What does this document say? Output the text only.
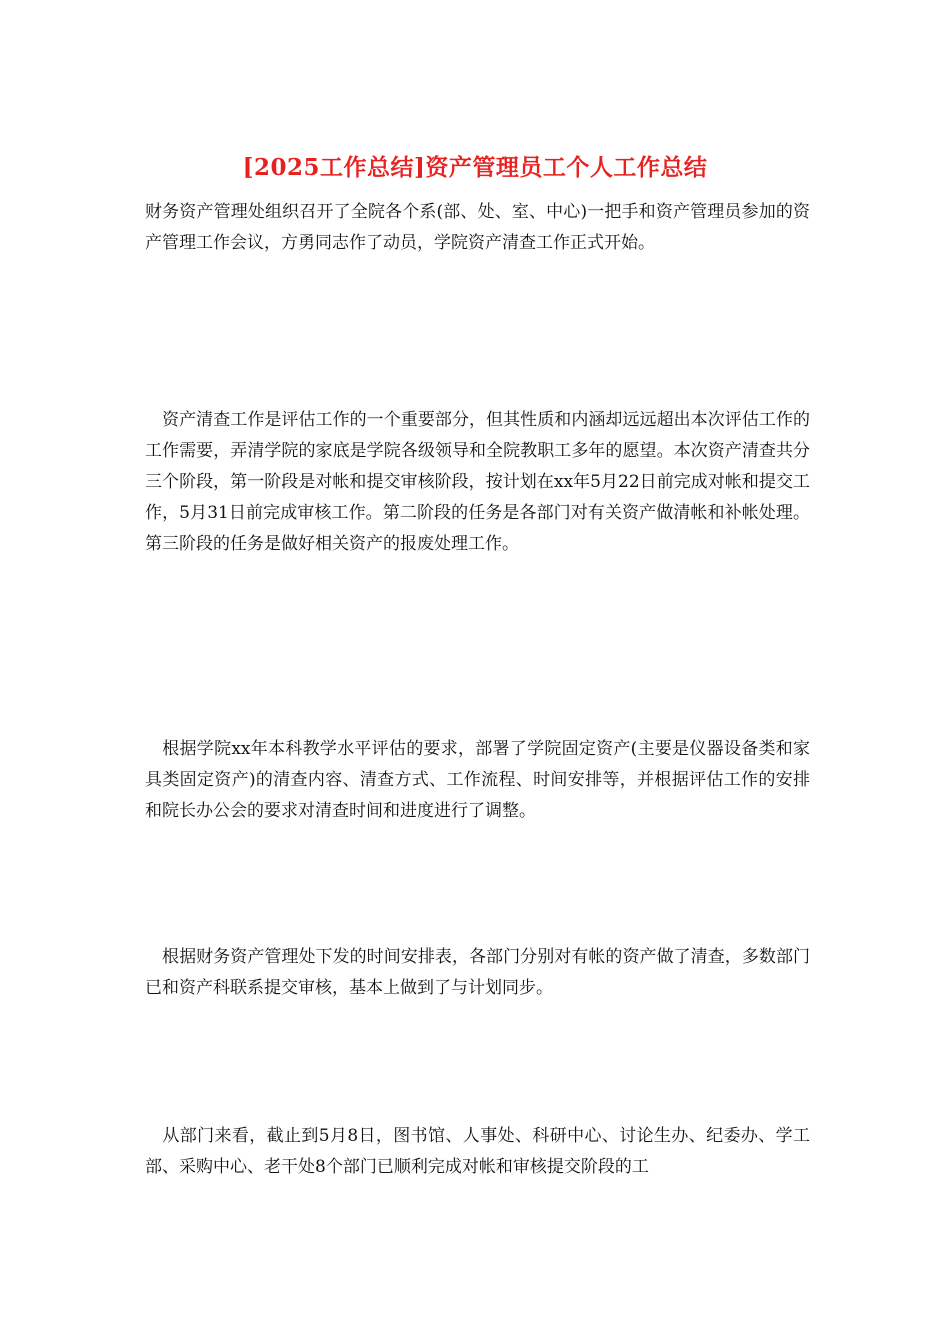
[2025工作总结]资产管理员工个人工作总结

财务资产管理处组织召开了全院各个系(部、处、室、中心)一把手和资产管理员参加的资产管理工作会议，方勇同志作了动员，学院资产清查工作正式开始。

　资产清查工作是评估工作的一个重要部分，但其性质和内涵却远远超出本次评估工作的工作需要，弄清学院的家底是学院各级领导和全院教职工多年的愿望。本次资产清查共分三个阶段，第一阶段是对帐和提交审核阶段，按计划在xx年5月22日前完成对帐和提交工作，5月31日前完成审核工作。第二阶段的任务是各部门对有关资产做清帐和补帐处理。第三阶段的任务是做好相关资产的报废处理工作。

　根据学院xx年本科教学水平评估的要求，部署了学院固定资产(主要是仪器设备类和家具类固定资产)的清查内容、清查方式、工作流程、时间安排等，并根据评估工作的安排和院长办公会的要求对清查时间和进度进行了调整。

　根据财务资产管理处下发的时间安排表，各部门分别对有帐的资产做了清查，多数部门已和资产科联系提交审核，基本上做到了与计划同步。

　从部门来看，截止到5月8日，图书馆、人事处、科研中心、讨论生办、纪委办、学工部、采购中心、老干处8个部门已顺利完成对帐和审核提交阶段的工
